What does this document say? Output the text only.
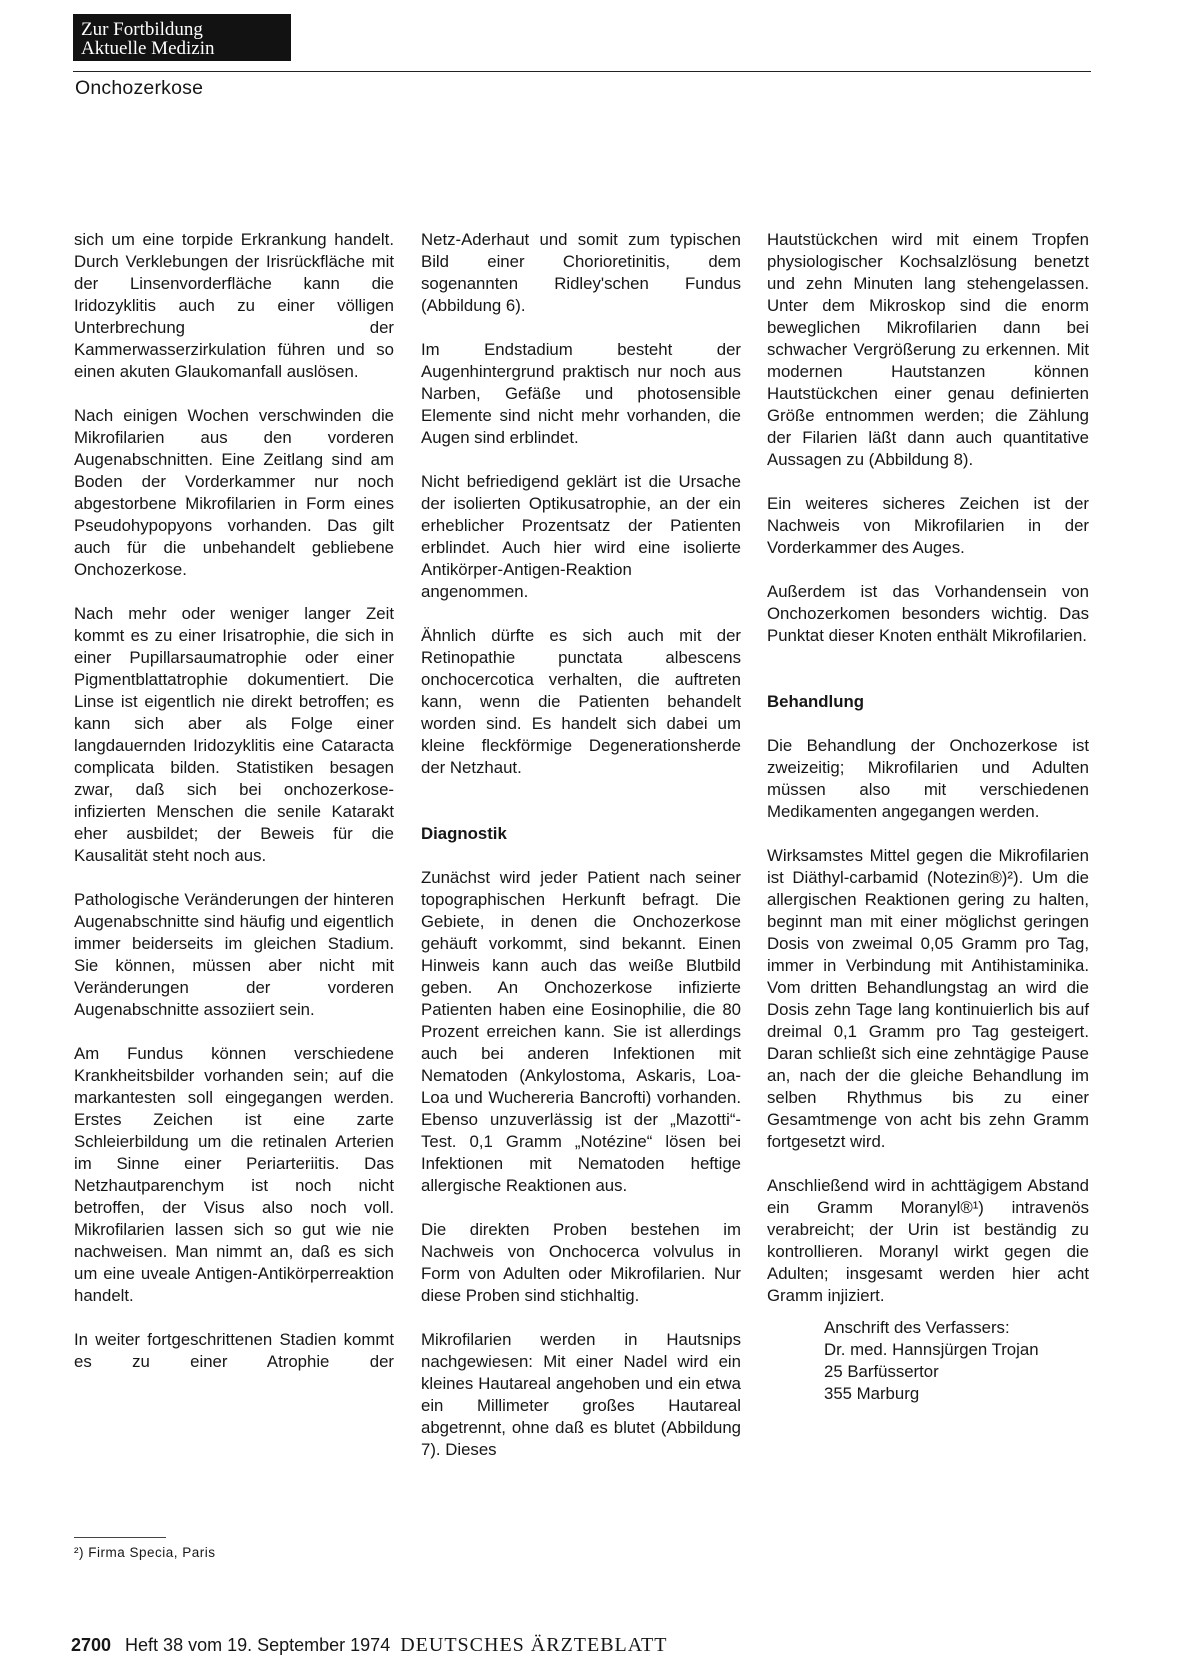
Zur Fortbildung
Aktuelle Medizin
Onchozerkose

sich um eine torpide Erkrankung handelt. Durch Verklebungen der Irisrückfläche mit der Linsenvorderfläche kann die Iridozyklitis auch zu einer völligen Unterbrechung der Kammerwasserzirkulation führen und so einen akuten Glaukomanfall auslösen.

Nach einigen Wochen verschwinden die Mikrofilarien aus den vorderen Augenabschnitten. Eine Zeitlang sind am Boden der Vorderkammer nur noch abgestorbene Mikrofilarien in Form eines Pseudohypopyons vorhanden. Das gilt auch für die unbehandelt gebliebene Onchozerkose.

Nach mehr oder weniger langer Zeit kommt es zu einer Irisatrophie, die sich in einer Pupillarsaumatrophie oder einer Pigmentblattatrophie dokumentiert. Die Linse ist eigentlich nie direkt betroffen; es kann sich aber als Folge einer langdauernden Iridozyklitis eine Cataracta complicata bilden. Statistiken besagen zwar, daß sich bei onchozerkose-infizierten Menschen die senile Katarakt eher ausbildet; der Beweis für die Kausalität steht noch aus.

Pathologische Veränderungen der hinteren Augenabschnitte sind häufig und eigentlich immer beiderseits im gleichen Stadium. Sie können, müssen aber nicht mit Veränderungen der vorderen Augenabschnitte assoziiert sein.

Am Fundus können verschiedene Krankheitsbilder vorhanden sein; auf die markantesten soll eingegangen werden. Erstes Zeichen ist eine zarte Schleierbildung um die retinalen Arterien im Sinne einer Periarteriitis. Das Netzhautparenchym ist noch nicht betroffen, der Visus also noch voll. Mikrofilarien lassen sich so gut wie nie nachweisen. Man nimmt an, daß es sich um eine uveale Antigen-Antikörperreaktion handelt.

In weiter fortgeschrittenen Stadien kommt es zu einer Atrophie der

Netz-Aderhaut und somit zum typischen Bild einer Chorioretinitis, dem sogenannten Ridley'schen Fundus (Abbildung 6).

Im Endstadium besteht der Augenhintergrund praktisch nur noch aus Narben, Gefäße und photosensible Elemente sind nicht mehr vorhanden, die Augen sind erblindet.

Nicht befriedigend geklärt ist die Ursache der isolierten Optikusatrophie, an der ein erheblicher Prozentsatz der Patienten erblindet. Auch hier wird eine isolierte Antikörper-Antigen-Reaktion angenommen.

Ähnlich dürfte es sich auch mit der Retinopathie punctata albescens onchocercotica verhalten, die auftreten kann, wenn die Patienten behandelt worden sind. Es handelt sich dabei um kleine fleckförmige Degenerationsherde der Netzhaut.

Diagnostik

Zunächst wird jeder Patient nach seiner topographischen Herkunft befragt. Die Gebiete, in denen die Onchozerkose gehäuft vorkommt, sind bekannt. Einen Hinweis kann auch das weiße Blutbild geben. An Onchozerkose infizierte Patienten haben eine Eosinophilie, die 80 Prozent erreichen kann. Sie ist allerdings auch bei anderen Infektionen mit Nematoden (Ankylostoma, Askaris, Loa-Loa und Wuchereria Bancrofti) vorhanden. Ebenso unzuverlässig ist der „Mazotti“-Test. 0,1 Gramm „Notézine“ lösen bei Infektionen mit Nematoden heftige allergische Reaktionen aus.

Die direkten Proben bestehen im Nachweis von Onchocerca volvulus in Form von Adulten oder Mikrofilarien. Nur diese Proben sind stichhaltig.

Mikrofilarien werden in Hautsnips nachgewiesen: Mit einer Nadel wird ein kleines Hautareal angehoben und ein etwa ein Millimeter großes Hautareal abgetrennt, ohne daß es blutet (Abbildung 7). Dieses

Hautstückchen wird mit einem Tropfen physiologischer Kochsalzlösung benetzt und zehn Minuten lang stehengelassen. Unter dem Mikroskop sind die enorm beweglichen Mikrofilarien dann bei schwacher Vergrößerung zu erkennen. Mit modernen Hautstanzen können Hautstückchen einer genau definierten Größe entnommen werden; die Zählung der Filarien läßt dann auch quantitative Aussagen zu (Abbildung 8).

Ein weiteres sicheres Zeichen ist der Nachweis von Mikrofilarien in der Vorderkammer des Auges.

Außerdem ist das Vorhandensein von Onchozerkomen besonders wichtig. Das Punktat dieser Knoten enthält Mikrofilarien.

Behandlung

Die Behandlung der Onchozerkose ist zweizeitig; Mikrofilarien und Adulten müssen also mit verschiedenen Medikamenten angegangen werden.

Wirksamstes Mittel gegen die Mikrofilarien ist Diäthyl-carbamid (Notezin®)²). Um die allergischen Reaktionen gering zu halten, beginnt man mit einer möglichst geringen Dosis von zweimal 0,05 Gramm pro Tag, immer in Verbindung mit Antihistaminika. Vom dritten Behandlungstag an wird die Dosis zehn Tage lang kontinuierlich bis auf dreimal 0,1 Gramm pro Tag gesteigert. Daran schließt sich eine zehntägige Pause an, nach der die gleiche Behandlung im selben Rhythmus bis zu einer Gesamtmenge von acht bis zehn Gramm fortgesetzt wird.

Anschließend wird in achttägigem Abstand ein Gramm Moranyl®¹) intravenös verabreicht; der Urin ist beständig zu kontrollieren. Moranyl wirkt gegen die Adulten; insgesamt werden hier acht Gramm injiziert.

Anschrift des Verfassers:
Dr. med. Hannsjürgen Trojan
25 Barfüssertor
355 Marburg
²) Firma Specia, Paris
2700 Heft 38 vom 19. September 1974 DEUTSCHES ÄRZTEBLATT
